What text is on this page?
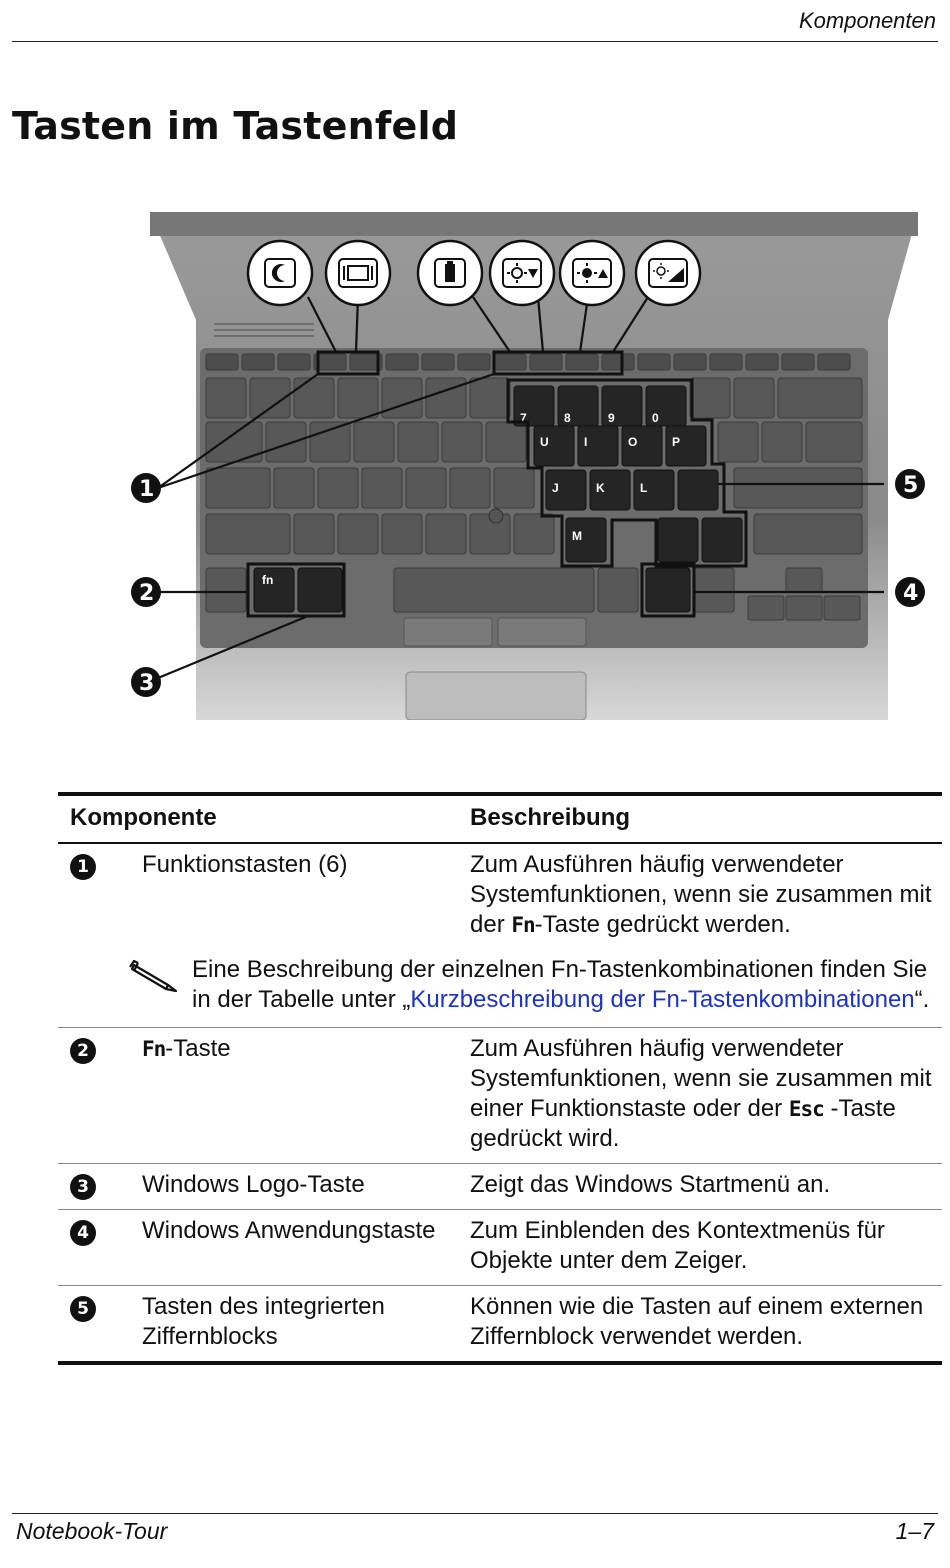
Komponenten
Tasten im Tastenfeld
7	8	9	0
U	I	O	P
J	K	L
M
fn
1
2
3
4
5
Komponente		Beschreibung
1	Funktionstasten (6)	Zum Ausführen häufig verwendeter Systemfunktionen, wenn sie zusammen mit der Fn-Taste gedrückt werden.

Eine Beschreibung der einzelnen Fn-Tastenkombinationen finden Sie in der Tabelle unter „Kurzbeschreibung der Fn-Tastenkombinationen“.		

2	Fn-Taste	Zum Ausführen häufig verwendeter Systemfunktionen, wenn sie zusammen mit einer Funktionstaste oder der Esc -Taste gedrückt wird.
3	Windows Logo-Taste	Zeigt das Windows Startmenü an.
4	Windows Anwendungstaste	Zum Einblenden des Kontextmenüs für Objekte unter dem Zeiger.
5	Tasten des integrierten Ziffernblocks	Können wie die Tasten auf einem externen Ziffernblock verwendet werden.
Notebook-Tour	1–7
